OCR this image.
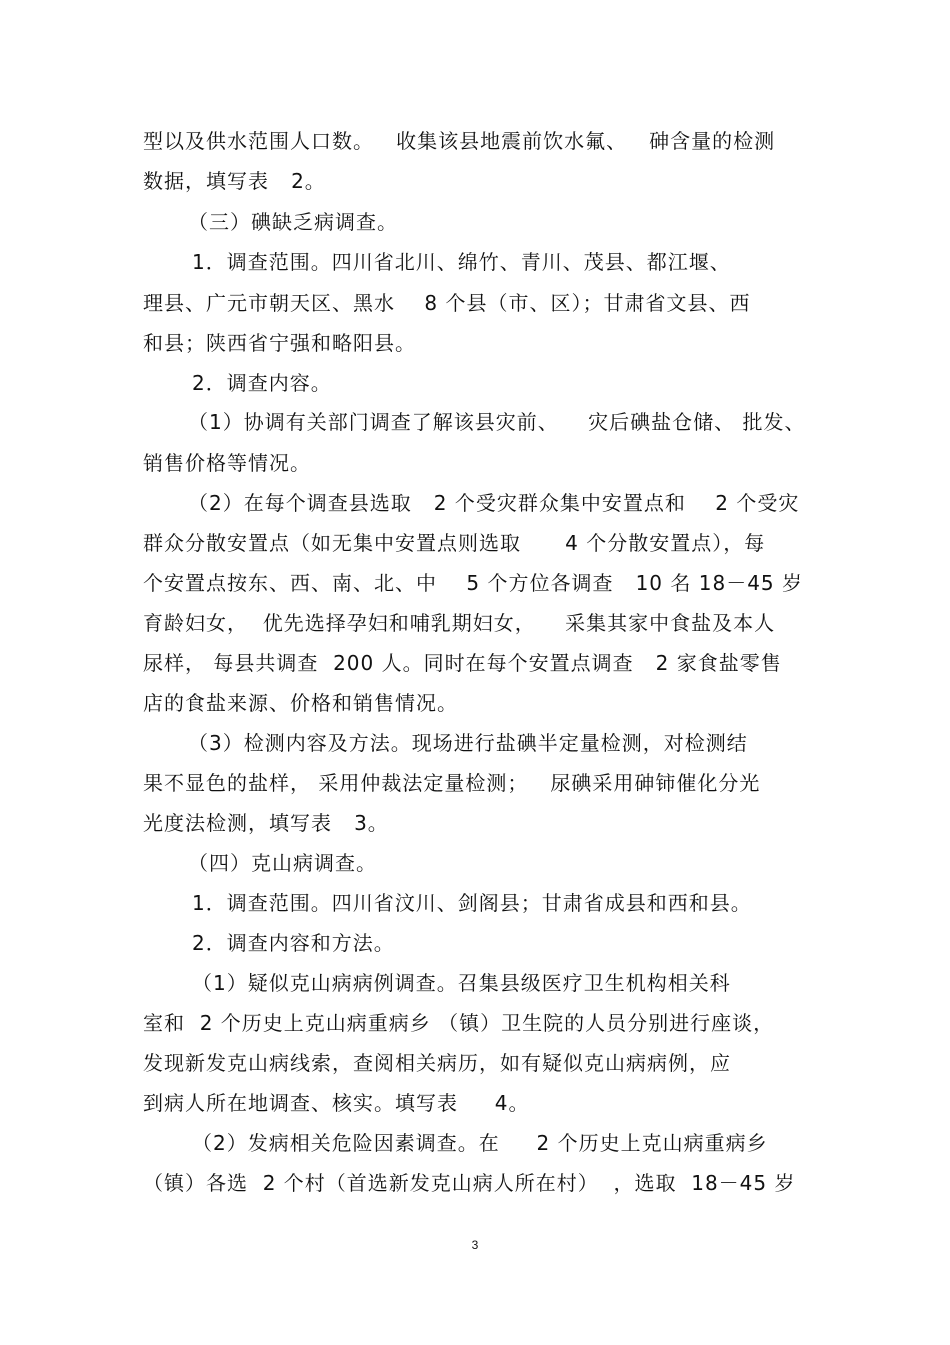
型以及供水范围人口数。   收集该县地震前饮水氟、   砷含量的检测
数据，填写表   2。
（三）碘缺乏病调查。
1．调查范围。四川省北川、绵竹、青川、茂县、都江堰、
理县、广元市朝天区、黑水    8 个县（市、区）；甘肃省文县、西
和县；陕西省宁强和略阳县。
2．调查内容。
（1）协调有关部门调查了解该县灾前、    灾后碘盐仓储、 批发、
销售价格等情况。
（2）在每个调查县选取   2 个受灾群众集中安置点和    2 个受灾
群众分散安置点（如无集中安置点则选取      4 个分散安置点），每
个安置点按东、西、南、北、中    5 个方位各调查   10 名 18－45 岁
育龄妇女，  优先选择孕妇和哺乳期妇女，    采集其家中食盐及本人
尿样， 每县共调查  200 人。同时在每个安置点调查   2 家食盐零售
店的食盐来源、价格和销售情况。
（3）检测内容及方法。现场进行盐碘半定量检测，对检测结
果不显色的盐样， 采用仲裁法定量检测；   尿碘采用砷铈催化分光
光度法检测，填写表   3。
（四）克山病调查。
1．调查范围。四川省汶川、剑阁县；甘肃省成县和西和县。
2．调查内容和方法。
（1）疑似克山病病例调查。召集县级医疗卫生机构相关科
室和  2 个历史上克山病重病乡 （镇）卫生院的人员分别进行座谈，
发现新发克山病线索，查阅相关病历，如有疑似克山病病例，应
到病人所在地调查、核实。填写表     4。
（2）发病相关危险因素调查。在     2 个历史上克山病重病乡
（镇）各选  2 个村（首选新发克山病人所在村）  ，选取  18－45 岁
3
